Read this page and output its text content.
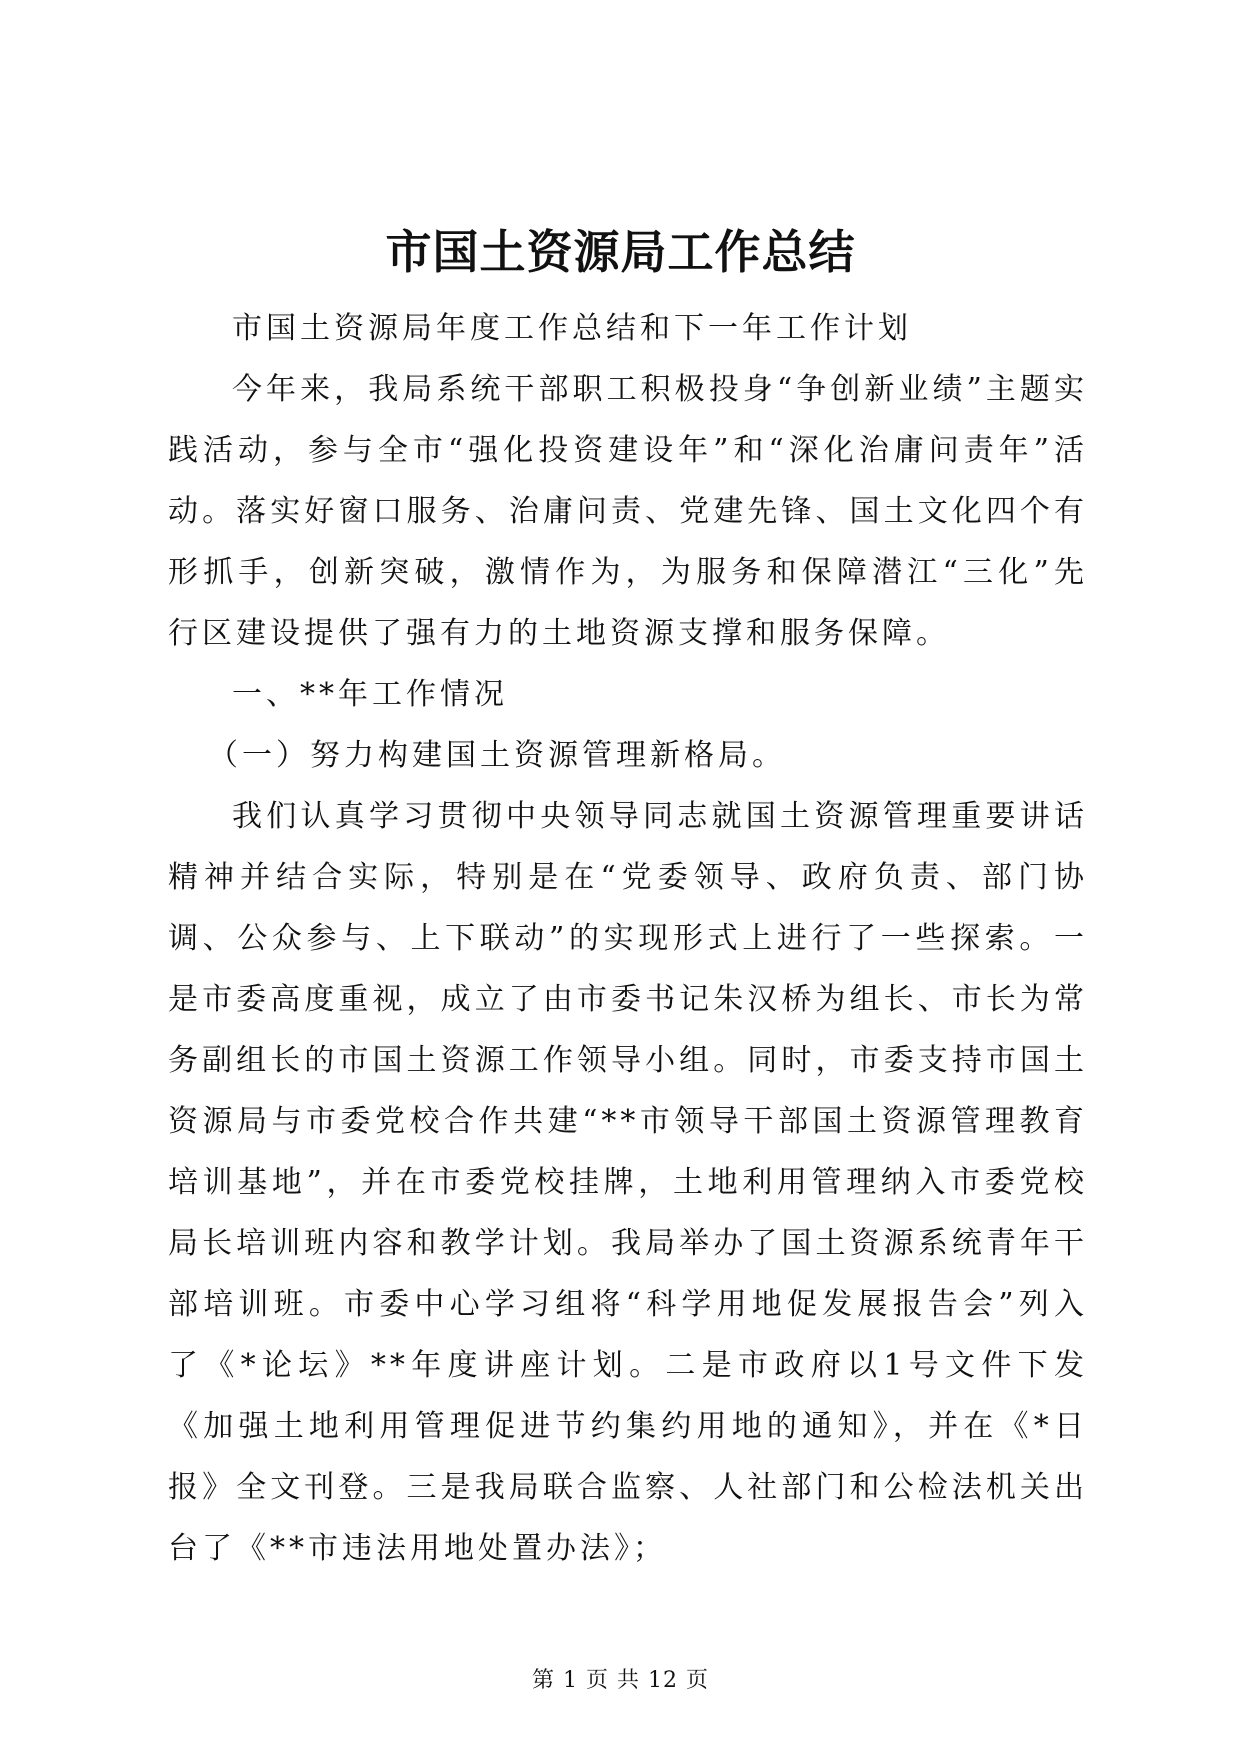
市国土资源局工作总结

市国土资源局年度工作总结和下一年工作计划

今年来，我局系统干部职工积极投身“争创新业绩”主题实践活动，参与全市“强化投资建设年”和“深化治庸问责年”活动。落实好窗口服务、治庸问责、党建先锋、国土文化四个有形抓手，创新突破，激情作为，为服务和保障潜江“三化”先行区建设提供了强有力的土地资源支撑和服务保障。

一、**年工作情况

（一）努力构建国土资源管理新格局。

我们认真学习贯彻中央领导同志就国土资源管理重要讲话精神并结合实际，特别是在“党委领导、政府负责、部门协调、公众参与、上下联动”的实现形式上进行了一些探索。一是市委高度重视，成立了由市委书记朱汉桥为组长、市长为常务副组长的市国土资源工作领导小组。同时，市委支持市国土资源局与市委党校合作共建“**市领导干部国土资源管理教育培训基地”，并在市委党校挂牌，土地利用管理纳入市委党校局长培训班内容和教学计划。我局举办了国土资源系统青年干部培训班。市委中心学习组将“科学用地促发展报告会”列入了《*论坛》**年度讲座计划。二是市政府以1号文件下发《加强土地利用管理促进节约集约用地的通知》，并在《*日报》全文刊登。三是我局联合监察、人社部门和公检法机关出台了《**市违法用地处置办法》；

第 1 页 共 12 页
